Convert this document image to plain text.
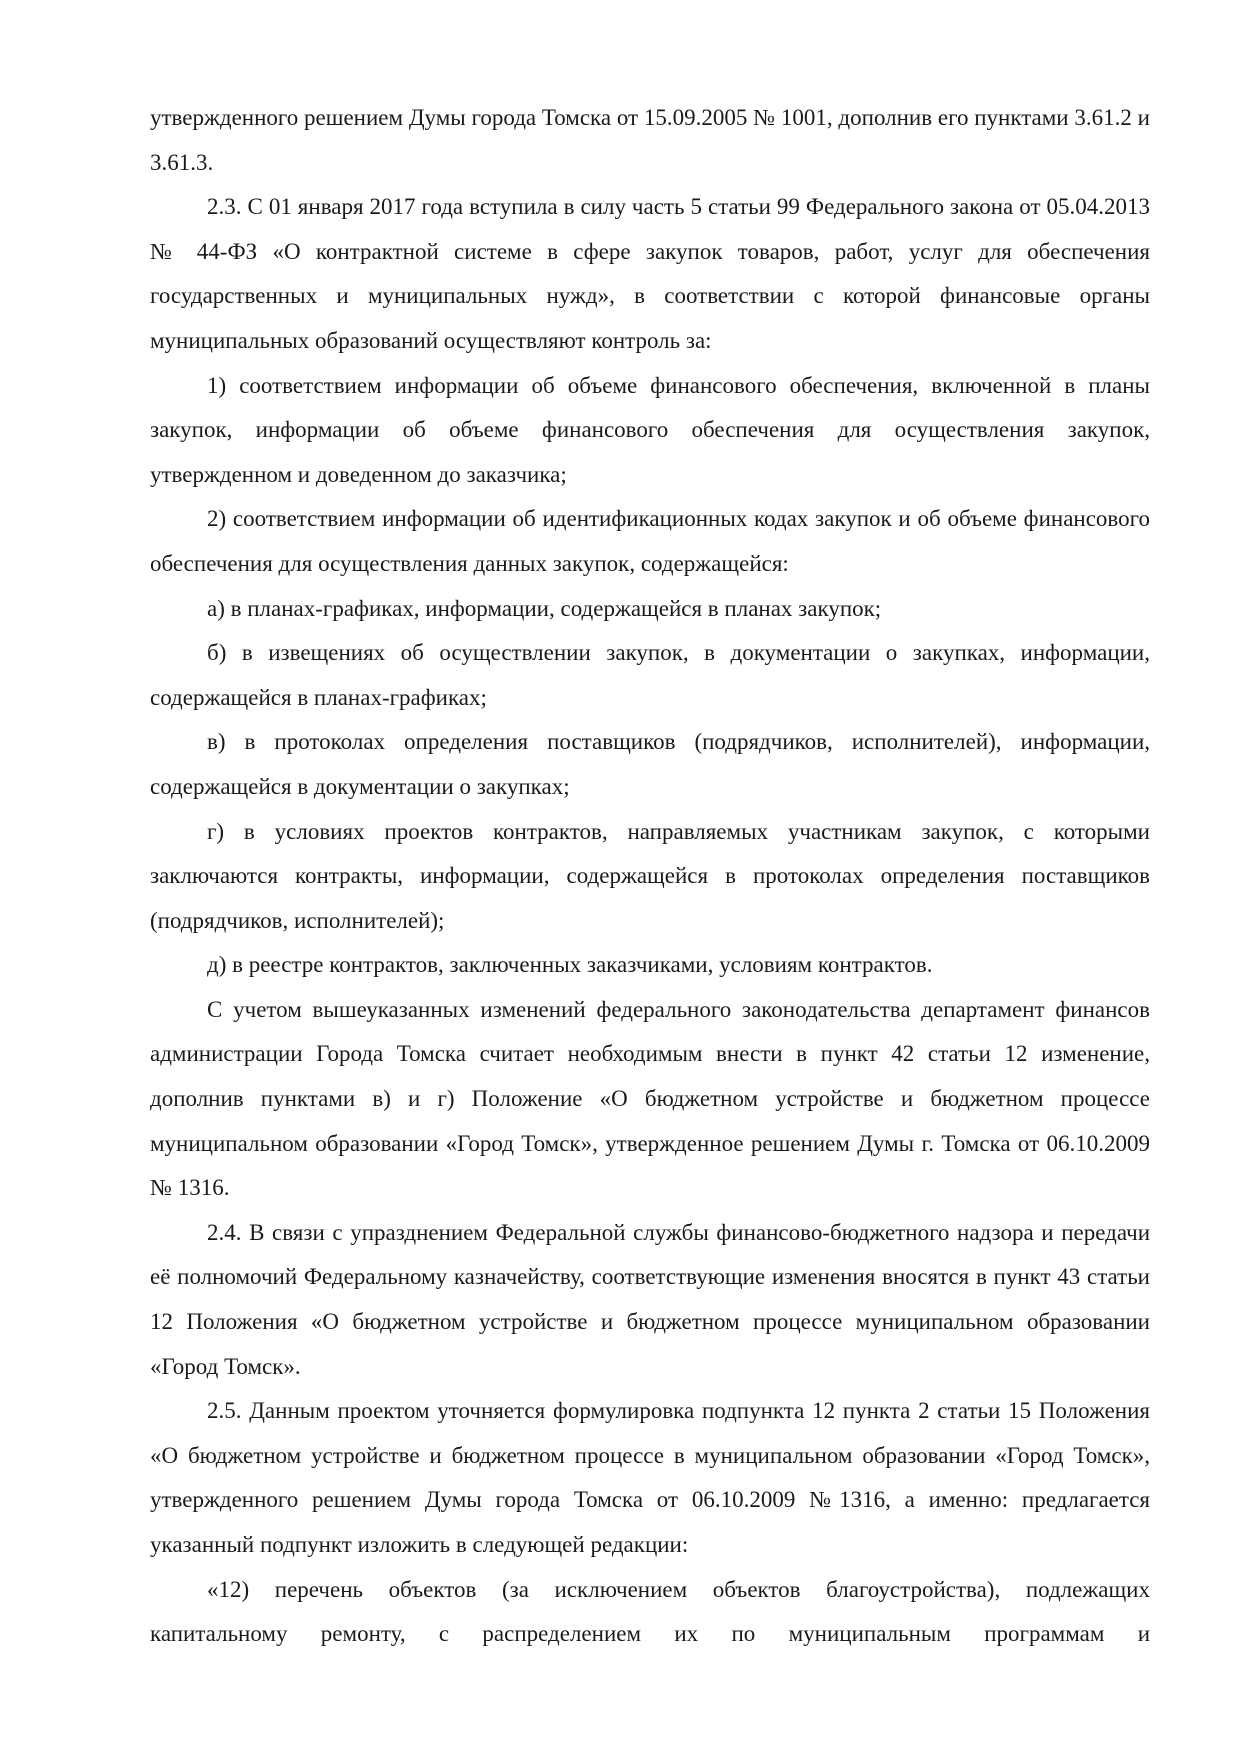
утвержденного решением Думы города Томска от 15.09.2005 № 1001, дополнив его пунктами 3.61.2 и 3.61.3.

2.3. С 01 января 2017 года вступила в силу часть 5 статьи 99 Федерального закона от 05.04.2013 № 44-ФЗ «О контрактной системе в сфере закупок товаров, работ, услуг для обеспечения государственных и муниципальных нужд», в соответствии с которой финансовые органы муниципальных образований осуществляют контроль за:

1) соответствием информации об объеме финансового обеспечения, включенной в планы закупок, информации об объеме финансового обеспечения для осуществления закупок, утвержденном и доведенном до заказчика;

2) соответствием информации об идентификационных кодах закупок и об объеме финансового обеспечения для осуществления данных закупок, содержащейся:

а) в планах-графиках, информации, содержащейся в планах закупок;

б) в извещениях об осуществлении закупок, в документации о закупках, информации, содержащейся в планах-графиках;

в) в протоколах определения поставщиков (подрядчиков, исполнителей), информации, содержащейся в документации о закупках;

г) в условиях проектов контрактов, направляемых участникам закупок, с которыми заключаются контракты, информации, содержащейся в протоколах определения поставщиков (подрядчиков, исполнителей);

д) в реестре контрактов, заключенных заказчиками, условиям контрактов.

С учетом вышеуказанных изменений федерального законодательства департамент финансов администрации Города Томска считает необходимым внести в пункт 42 статьи 12 изменение, дополнив пунктами в) и г) Положение «О бюджетном устройстве и бюджетном процессе муниципальном образовании «Город Томск», утвержденное решением Думы г. Томска от 06.10.2009 № 1316.

2.4. В связи с упразднением Федеральной службы финансово-бюджетного надзора и передачи её полномочий Федеральному казначейству, соответствующие изменения вносятся в пункт 43 статьи 12 Положения «О бюджетном устройстве и бюджетном процессе муниципальном образовании «Город Томск».

2.5. Данным проектом уточняется формулировка подпункта 12 пункта 2 статьи 15 Положения «О бюджетном устройстве и бюджетном процессе в муниципальном образовании «Город Томск», утвержденного решением Думы города Томска от 06.10.2009 №1316, а именно: предлагается указанный подпункт изложить в следующей редакции:

«12) перечень объектов (за исключением объектов благоустройства), подлежащих капитальному ремонту, с распределением их по муниципальным программам и
